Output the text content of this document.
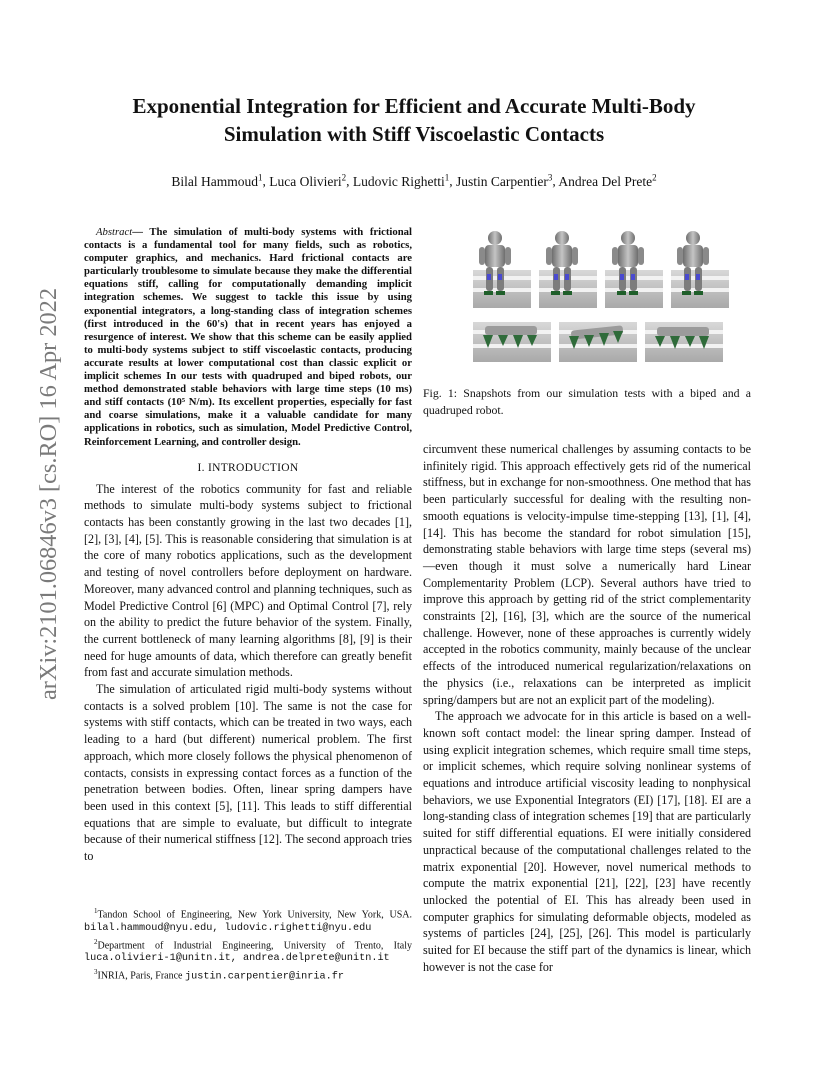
arXiv:2101.06846v3 [cs.RO] 16 Apr 2022
Exponential Integration for Efficient and Accurate Multi-Body Simulation with Stiff Viscoelastic Contacts
Bilal Hammoud$^1$, Luca Olivieri$^2$, Ludovic Righetti$^1$, Justin Carpentier$^3$, Andrea Del Prete$^2$

Abstract— The simulation of multi-body systems with frictional contacts is a fundamental tool for many fields, such as robotics, computer graphics, and mechanics. Hard frictional contacts are particularly troublesome to simulate because they make the differential equations stiff, calling for computationally demanding implicit integration schemes. We suggest to tackle this issue by using exponential integrators, a long-standing class of integration schemes (first introduced in the 60's) that in recent years has enjoyed a resurgence of interest. We show that this scheme can be easily applied to multi-body systems subject to stiff viscoelastic contacts, producing accurate results at lower computational cost than classic explicit or implicit schemes In our tests with quadruped and biped robots, our method demonstrated stable behaviors with large time steps (10 ms) and stiff contacts (10⁵ N/m). Its excellent properties, especially for fast and coarse simulations, make it a valuable candidate for many applications in robotics, such as simulation, Model Predictive Control, Reinforcement Learning, and controller design.

I. INTRODUCTION

The interest of the robotics community for fast and reliable methods to simulate multi-body systems subject to frictional contacts has been constantly growing in the last two decades [1], [2], [3], [4], [5]. This is reasonable considering that simulation is at the core of many robotics applications, such as the development and testing of novel controllers before deployment on hardware. Moreover, many advanced control and planning techniques, such as Model Predictive Control [6] (MPC) and Optimal Control [7], rely on the ability to predict the future behavior of the system. Finally, the current bottleneck of many learning algorithms [8], [9] is their need for huge amounts of data, which therefore can greatly benefit from fast and accurate simulation methods.

The simulation of articulated rigid multi-body systems without contacts is a solved problem [10]. The same is not the case for systems with stiff contacts, which can be treated in two ways, each leading to a hard (but different) numerical problem. The first approach, which more closely follows the physical phenomenon of contacts, consists in expressing contact forces as a function of the penetration between bodies. Often, linear spring dampers have been used in this context [5], [11]. This leads to stiff differential equations that are simple to evaluate, but difficult to integrate because of their numerical stiffness [12]. The second approach tries to

$^1$Tandon School of Engineering, New York University, New York, USA. bilal.hammoud@nyu.edu, ludovic.righetti@nyu.edu

$^2$Department of Industrial Engineering, University of Trento, Italy luca.olivieri-1@unitn.it, andrea.delprete@unitn.it

$^3$INRIA, Paris, France justin.carpentier@inria.fr

Fig. 1: Snapshots from our simulation tests with a biped and a quadruped robot.

circumvent these numerical challenges by assuming contacts to be infinitely rigid. This approach effectively gets rid of the numerical stiffness, but in exchange for non-smoothness. One method that has been particularly successful for dealing with the resulting non-smooth equations is velocity-impulse time-stepping [13], [1], [4], [14]. This has become the standard for robot simulation [15], demonstrating stable behaviors with large time steps (several ms)—even though it must solve a numerically hard Linear Complementarity Problem (LCP). Several authors have tried to improve this approach by getting rid of the strict complementarity constraints [2], [16], [3], which are the source of the numerical challenge. However, none of these approaches is currently widely accepted in the robotics community, mainly because of the unclear effects of the introduced numerical regularization/relaxations on the physics (i.e., relaxations can be interpreted as implicit spring/dampers but are not an explicit part of the modeling).

The approach we advocate for in this article is based on a well-known soft contact model: the linear spring damper. Instead of using explicit integration schemes, which require small time steps, or implicit schemes, which require solving nonlinear systems of equations and introduce artificial viscosity leading to nonphysical behaviors, we use Exponential Integrators (EI) [17], [18]. EI are a long-standing class of integration schemes [19] that are particularly suited for stiff differential equations. EI were initially considered unpractical because of the computational challenges related to the matrix exponential [20]. However, novel numerical methods to compute the matrix exponential [21], [22], [23] have recently unlocked the potential of EI. This has already been used in computer graphics for simulating deformable objects, modeled as systems of particles [24], [25], [26]. This model is particularly suited for EI because the stiff part of the dynamics is linear, which however is not the case for
